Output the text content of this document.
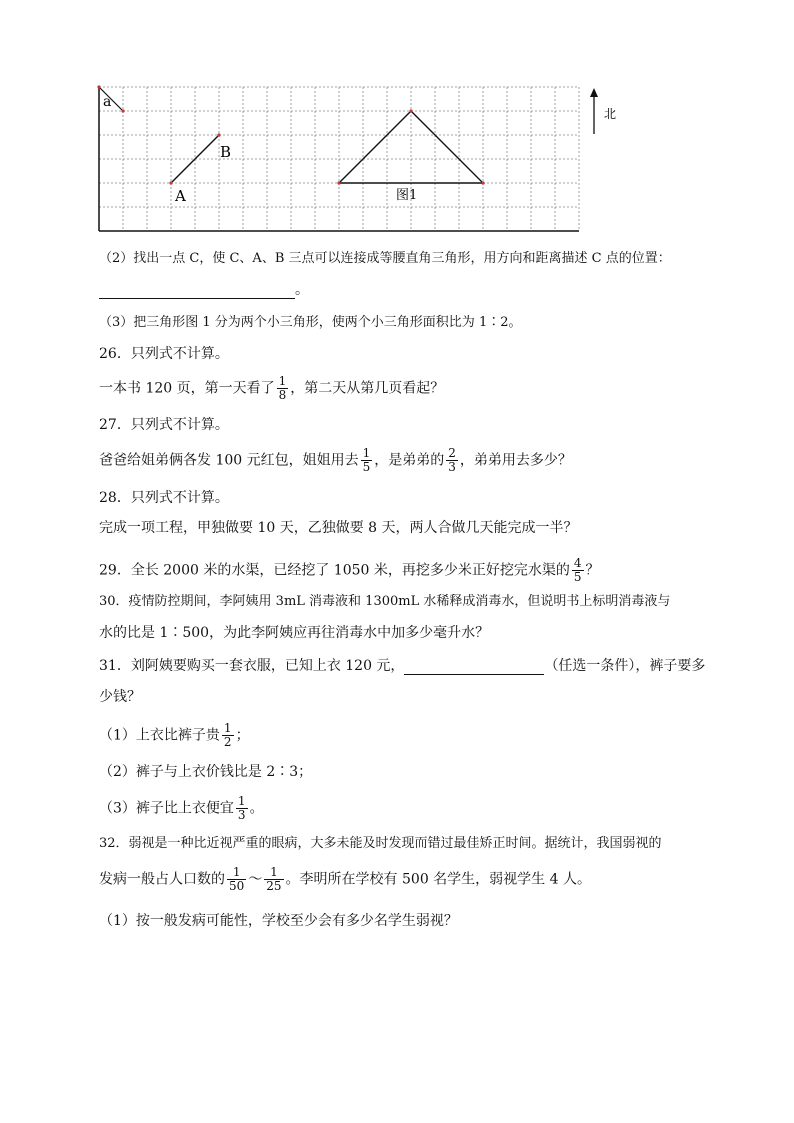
a
A
B
图1
北
（2）找出一点 C，使 C、A、B 三点可以连接成等腰直角三角形，用方向和距离描述 C 点的位置：
。
（3）把三角形图 1 分为两个小三角形，使两个小三角形面积比为 1∶2。
26．只列式不计算。
一本书 120 页，第一天看了 $\frac{1}{8}$ ，第二天从第几页看起？
27．只列式不计算。
爸爸给姐弟俩各发 100 元红包，姐姐用去 $\frac{1}{5}$ ，是弟弟的 $\frac{2}{3}$ ，弟弟用去多少？
28．只列式不计算。
完成一项工程，甲独做要 10 天，乙独做要 8 天，两人合做几天能完成一半？
29．全长 2000 米的水渠，已经挖了 1050 米，再挖多少米正好挖完水渠的 $\frac{4}{5}$ ？
30．疫情防控期间，李阿姨用 3mL 消毒液和 1300mL 水稀释成消毒水，但说明书上标明消毒液与
水的比是 1∶500，为此李阿姨应再往消毒水中加多少毫升水？
31．刘阿姨要购买一套衣服，已知上衣 120 元，	（任选一条件），裤子要多
少钱？
（1）上衣比裤子贵 $\frac{1}{2}$ ；
（2）裤子与上衣价钱比是 2∶3；
（3）裤子比上衣便宜 $\frac{1}{3}$ 。
32．弱视是一种比近视严重的眼病，大多未能及时发现而错过最佳矫正时间。据统计，我国弱视的
发病一般占人口数的 $\frac{1}{50}$ ～ $\frac{1}{25}$ 。李明所在学校有 500 名学生，弱视学生 4 人。
（1）按一般发病可能性，学校至少会有多少名学生弱视？
